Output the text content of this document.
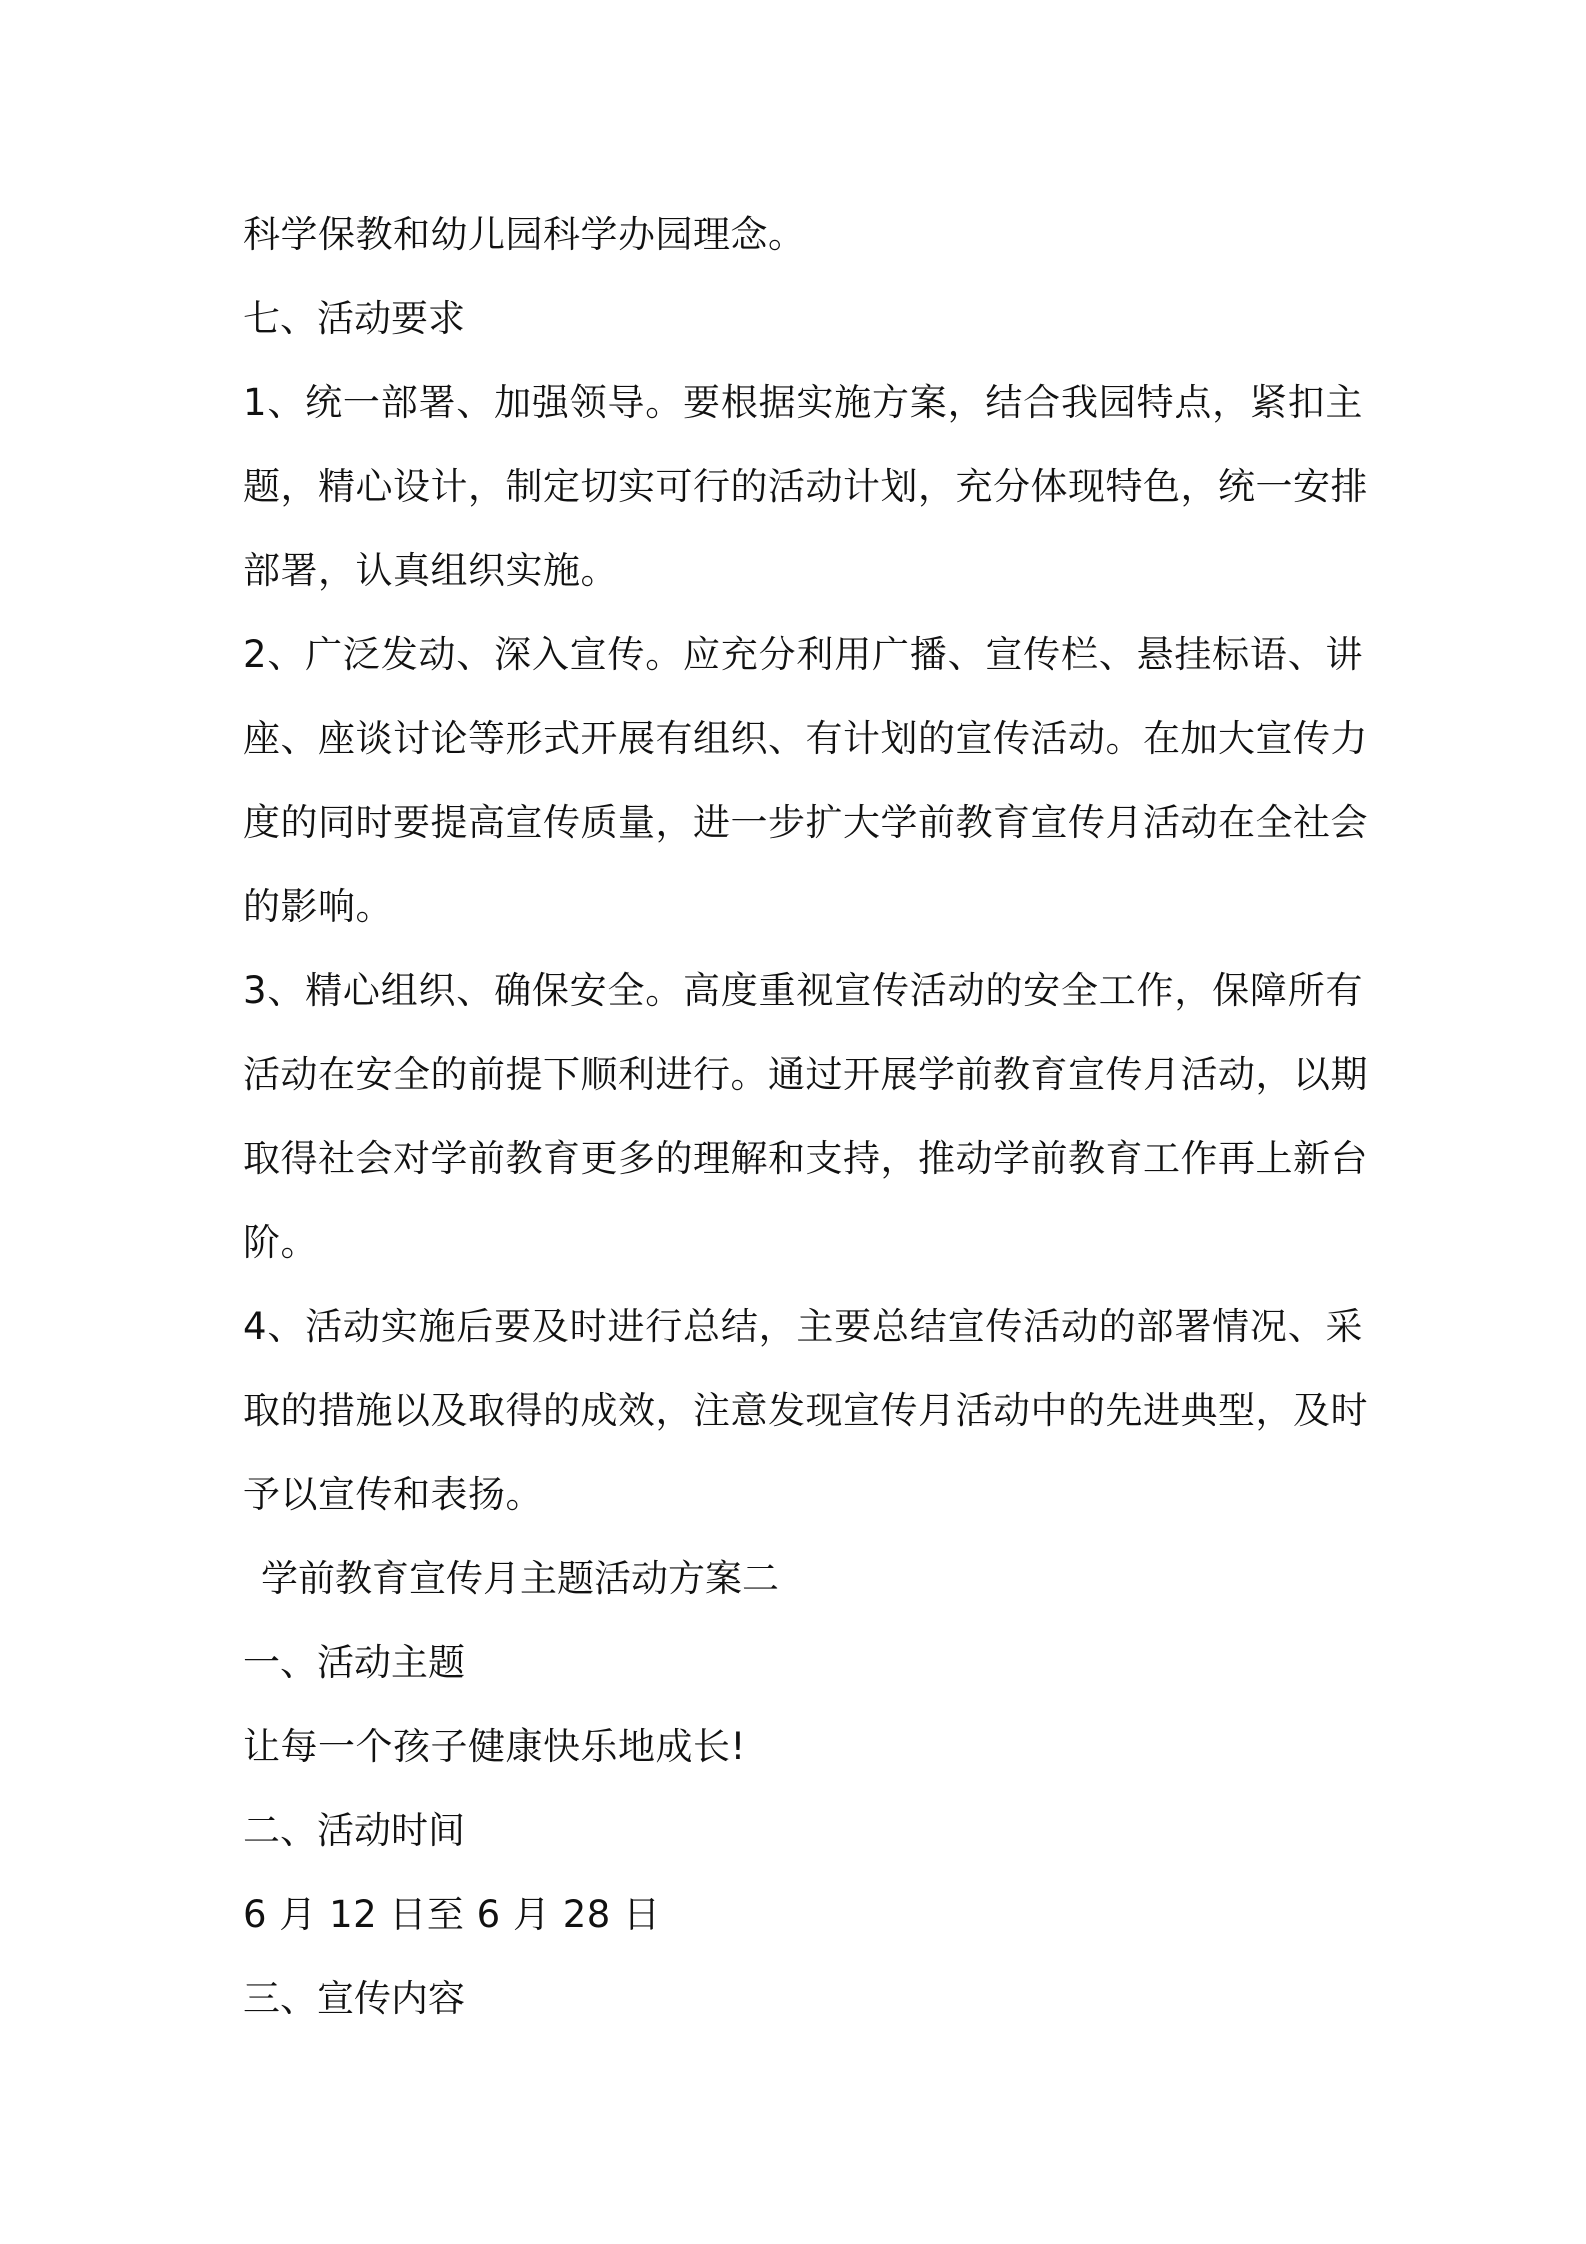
科学保教和幼儿园科学办园理念。
七、活动要求
1、统一部署、加强领导。要根据实施方案，结合我园特点，紧扣主
题，精心设计，制定切实可行的活动计划，充分体现特色，统一安排
部署，认真组织实施。
2、广泛发动、深入宣传。应充分利用广播、宣传栏、悬挂标语、讲
座、座谈讨论等形式开展有组织、有计划的宣传活动。在加大宣传力
度的同时要提高宣传质量，进一步扩大学前教育宣传月活动在全社会
的影响。
3、精心组织、确保安全。高度重视宣传活动的安全工作，保障所有
活动在安全的前提下顺利进行。通过开展学前教育宣传月活动，以期
取得社会对学前教育更多的理解和支持，推动学前教育工作再上新台
阶。
4、活动实施后要及时进行总结，主要总结宣传活动的部署情况、采
取的措施以及取得的成效，注意发现宣传月活动中的先进典型，及时
予以宣传和表扬。
学前教育宣传月主题活动方案二
一、活动主题
让每一个孩子健康快乐地成长!
二、活动时间
6 月 12 日至 6 月 28 日
三、宣传内容
